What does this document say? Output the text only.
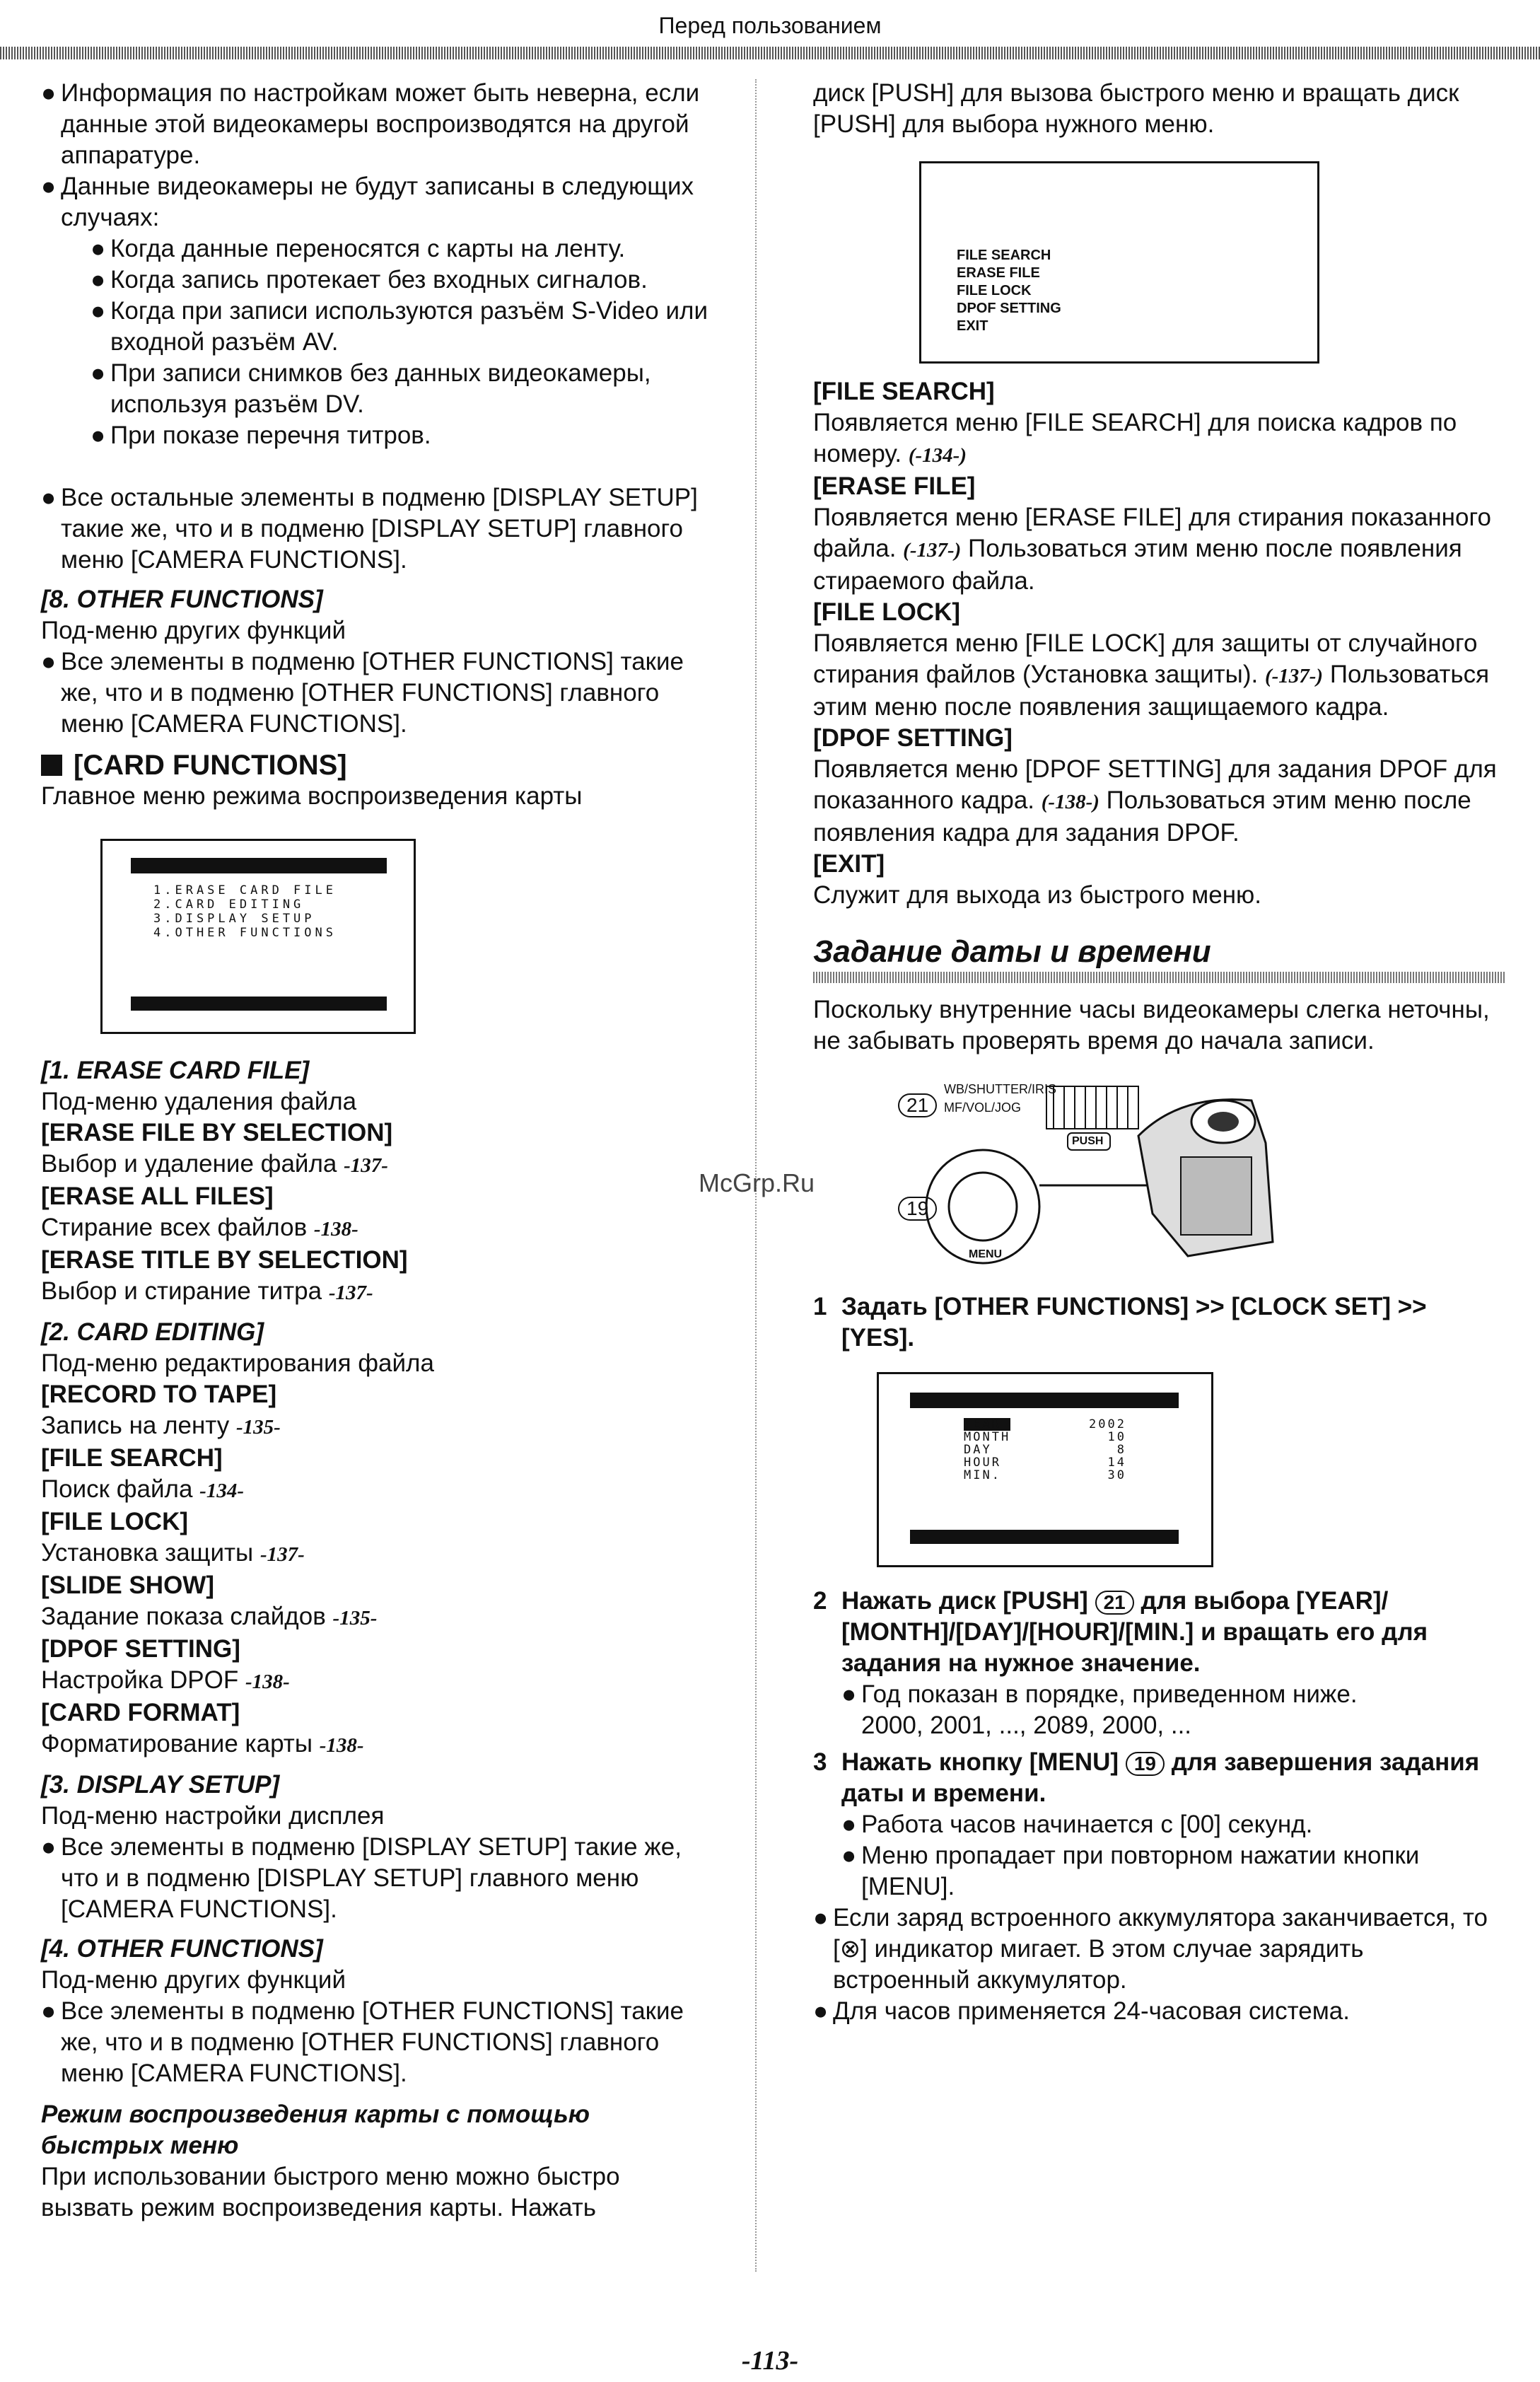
Перед пользованием
● Информация по настройкам может быть неверна, если данные этой видеокамеры воспроизводятся на другой аппаратуре.
● Данные видеокамеры не будут записаны в следующих случаях:
● Когда данные переносятся с карты на ленту.
● Когда запись протекает без входных сигналов.
● Когда при записи используются разъём S-Video или входной разъём AV.
● При записи снимков без данных видеокамеры, используя разъём DV.
● При показе перечня титров.
● Все остальные элементы в подменю [DISPLAY SETUP] такие же, что и в подменю [DISPLAY SETUP] главного меню [CAMERA FUNCTIONS].
[8. OTHER FUNCTIONS]
Под-меню других функций
● Все элементы в подменю [OTHER FUNCTIONS] такие же, что и в подменю [OTHER FUNCTIONS] главного меню [CAMERA FUNCTIONS].
[CARD FUNCTIONS]
Главное меню режима воспроизведения карты
1.ERASE CARD FILE
2.CARD EDITING
3.DISPLAY SETUP
4.OTHER FUNCTIONS
[1. ERASE CARD FILE]
Под-меню удаления файла
[ERASE FILE BY SELECTION]
Выбор и удаление файла -137-
[ERASE ALL FILES]
Стирание всех файлов -138-
[ERASE TITLE BY SELECTION]
Выбор и стирание титра -137-
[2. CARD EDITING]
Под-меню редактирования файла
[RECORD TO TAPE]
Запись на ленту -135-
[FILE SEARCH]
Поиск файла -134-
[FILE LOCK]
Установка защиты -137-
[SLIDE SHOW]
Задание показа слайдов -135-
[DPOF SETTING]
Настройка DPOF -138-
[CARD FORMAT]
Форматирование карты -138-
[3. DISPLAY SETUP]
Под-меню настройки дисплея
● Все элементы в подменю [DISPLAY SETUP] такие же, что и в подменю [DISPLAY SETUP] главного меню [CAMERA FUNCTIONS].
[4. OTHER FUNCTIONS]
Под-меню других функций
● Все элементы в подменю [OTHER FUNCTIONS] такие же, что и в подменю [OTHER FUNCTIONS] главного меню [CAMERA FUNCTIONS].
Режим воспроизведения карты с помощью быстрых меню
При использовании быстрого меню можно быстро вызвать режим воспроизведения карты. Нажать
диск [PUSH] для вызова быстрого меню и вращать диск [PUSH] для выбора нужного меню.
FILE SEARCH
ERASE FILE
FILE LOCK
DPOF SETTING
EXIT
[FILE SEARCH]
Появляется меню [FILE SEARCH] для поиска кадров по номеру. (-134-)
[ERASE FILE]
Появляется меню [ERASE FILE] для стирания показанного файла. (-137-) Пользоваться этим меню после появления стираемого файла.
[FILE LOCK]
Появляется меню [FILE LOCK] для защиты от случайного стирания файлов (Установка защиты). (-137-) Пользоваться этим меню после появления защищаемого кадра.
[DPOF SETTING]
Появляется меню [DPOF SETTING] для задания DPOF для показанного кадра. (-138-) Пользоваться этим меню после появления кадра для задания DPOF.
[EXIT]
Служит для выхода из быстрого меню.
Задание даты и времени
Поскольку внутренние часы видеокамеры слегка неточны, не забывать проверять время до начала записи.
21
WB/SHUTTER/IRIS
MF/VOL/JOG
PUSH
19
MENU
1 Задать [OTHER FUNCTIONS] >> [CLOCK SET] >> [YES].
YEAR
MONTH
DAY
HOUR
MIN.
2002
10
8
14
30
2 Нажать диск [PUSH] 21 для выбора [YEAR]/ [MONTH]/[DAY]/[HOUR]/[MIN.] и вращать его для задания на нужное значение.
● Год показан в порядке, приведенном ниже.
2000, 2001, ..., 2089, 2000, ...
3 Нажать кнопку [MENU] 19 для завершения задания даты и времени.
● Работа часов начинается с [00] секунд.
● Меню пропадает при повторном нажатии кнопки [MENU].
● Если заряд встроенного аккумулятора заканчивается, то [⊗] индикатор мигает. В этом случае зарядить встроенный аккумулятор.
● Для часов применяется 24-часовая система.
McGrp.Ru
-113-
